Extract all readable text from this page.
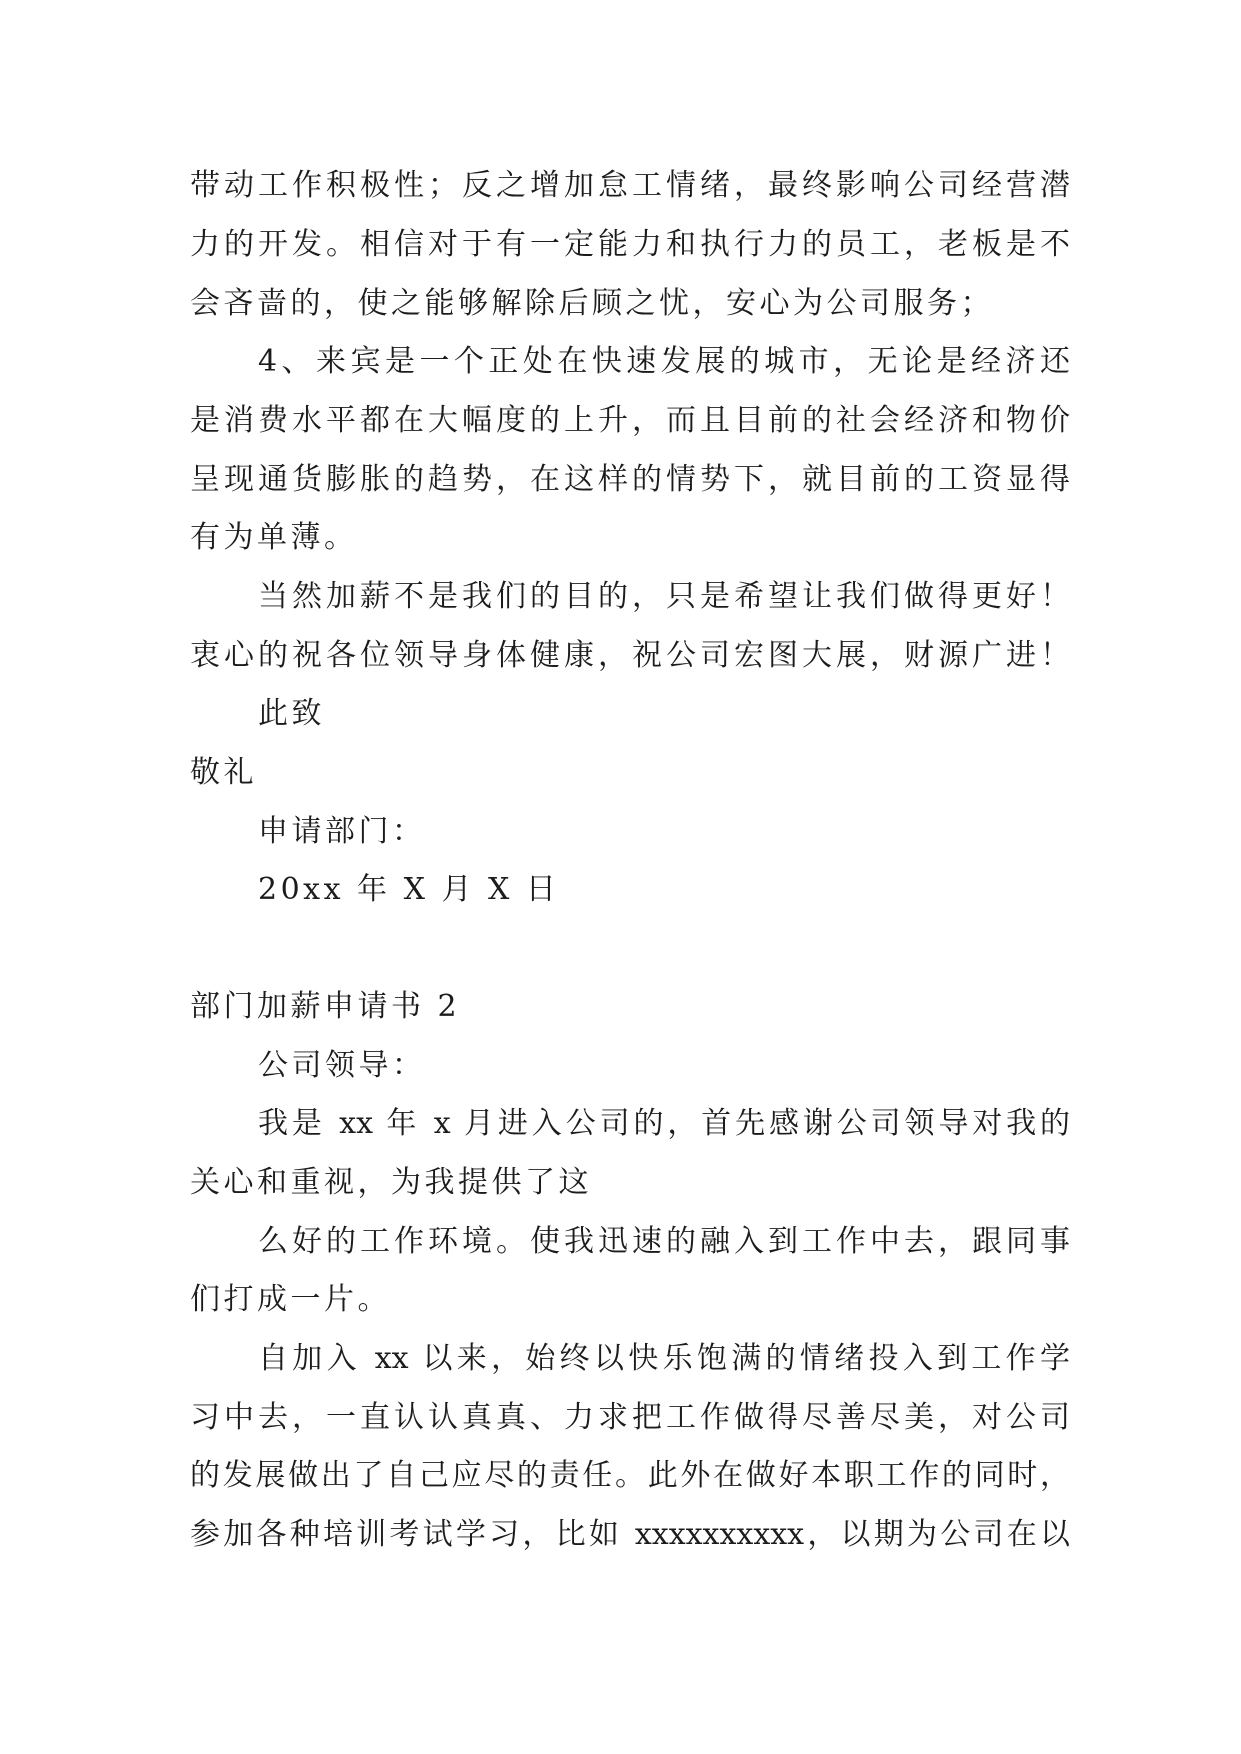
带动工作积极性；反之增加怠工情绪，最终影响公司经营潜
力的开发。相信对于有一定能力和执行力的员工，老板是不
会吝啬的，使之能够解除后顾之忧，安心为公司服务；
4、来宾是一个正处在快速发展的城市，无论是经济还
是消费水平都在大幅度的上升，而且目前的社会经济和物价
呈现通货膨胀的趋势，在这样的情势下，就目前的工资显得
有为单薄。
当然加薪不是我们的目的，只是希望让我们做得更好！
衷心的祝各位领导身体健康，祝公司宏图大展，财源广进！
此致
敬礼
申请部门：
20xx 年 X 月 X 日
部门加薪申请书 2
公司领导：
我是 xx 年 x 月进入公司的，首先感谢公司领导对我的
关心和重视，为我提供了这
么好的工作环境。使我迅速的融入到工作中去，跟同事
们打成一片。
自加入 xx 以来，始终以快乐饱满的情绪投入到工作学
习中去，一直认认真真、力求把工作做得尽善尽美，对公司
的发展做出了自己应尽的责任。此外在做好本职工作的同时，
参加各种培训考试学习，比如 xxxxxxxxxx，以期为公司在以
